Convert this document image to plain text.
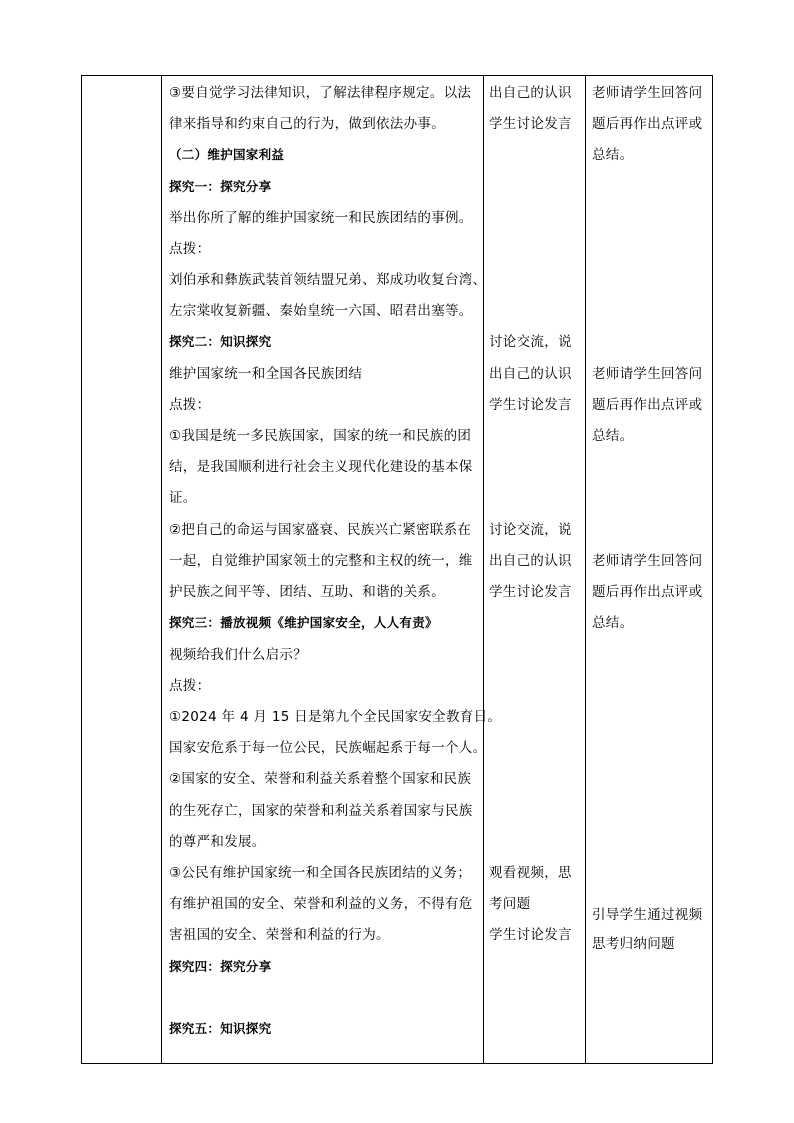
③要自觉学习法律知识，了解法律程序规定。以法
律来指导和约束自己的行为，做到依法办事。
（二）维护国家利益
探究一：探究分享
举出你所了解的维护国家统一和民族团结的事例。
点拨：
刘伯承和彝族武装首领结盟兄弟、郑成功收复台湾、
左宗棠收复新疆、秦始皇统一六国、昭君出塞等。
探究二：知识探究
维护国家统一和全国各民族团结
点拨：
①我国是统一多民族国家，国家的统一和民族的团
结，是我国顺利进行社会主义现代化建设的基本保
证。
②把自己的命运与国家盛衰、民族兴亡紧密联系在
一起，自觉维护国家领土的完整和主权的统一，维
护民族之间平等、团结、互助、和谐的关系。
探究三：播放视频《维护国家安全，人人有责》
视频给我们什么启示？
点拨：
①2024 年 4 月 15 日是第九个全民国家安全教育日。
国家安危系于每一位公民，民族崛起系于每一个人。
②国家的安全、荣誉和利益关系着整个国家和民族
的生死存亡，国家的荣誉和利益关系着国家与民族
的尊严和发展。
③公民有维护国家统一和全国各民族团结的义务；
有维护祖国的安全、荣誉和利益的义务，不得有危
害祖国的安全、荣誉和利益的行为。
探究四：探究分享
探究五：知识探究
出自己的认识
学生讨论发言
讨论交流，说
出自己的认识
学生讨论发言
讨论交流，说
出自己的认识
学生讨论发言
观看视频，思
考问题
学生讨论发言
老师请学生回答问
题后再作出点评或
总结。
老师请学生回答问
题后再作出点评或
总结。
老师请学生回答问
题后再作出点评或
总结。
引导学生通过视频
思考归纳问题
